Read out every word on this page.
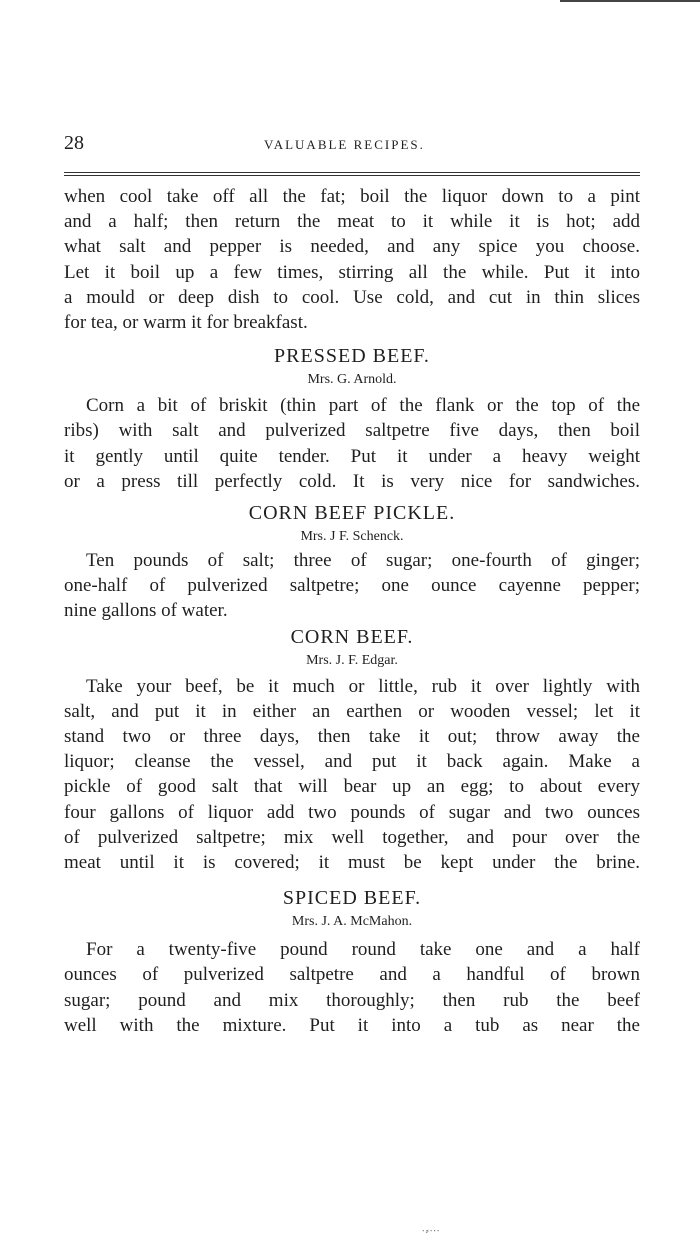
28	VALUABLE RECIPES.

when cool take off all the fat; boil the liquor down to a pint

and a half; then return the meat to it while it is hot; add

what salt and pepper is needed, and any spice you choose.

Let it boil up a few times, stirring all the while. Put it into

a mould or deep dish to cool. Use cold, and cut in thin slices

for tea, or warm it for breakfast.

PRESSED BEEF.

Mrs. G. Arnold.

Corn a bit of briskit (thin part of the flank or the top of the

ribs) with salt and pulverized saltpetre five days, then boil

it gently until quite tender. Put it under a heavy weight

or a press till perfectly cold. It is very nice for sandwiches.

CORN BEEF PICKLE.

Mrs. J F. Schenck.

Ten pounds of salt; three of sugar; one-fourth of ginger;

one-half of pulverized saltpetre; one ounce cayenne pepper;

nine gallons of water.

CORN BEEF.

Mrs. J. F. Edgar.

Take your beef, be it much or little, rub it over lightly with

salt, and put it in either an earthen or wooden vessel; let it

stand two or three days, then take it out; throw away the

liquor; cleanse the vessel, and put it back again. Make a

pickle of good salt that will bear up an egg; to about every

four gallons of liquor add two pounds of sugar and two ounces

of pulverized saltpetre; mix well together, and pour over the

meat until it is covered; it must be kept under the brine.

SPICED BEEF.

Mrs. J. A. McMahon.

For a twenty-five pound round take one and a half

ounces of pulverized saltpetre and a handful of brown

sugar; pound and mix thoroughly; then rub the beef

well with the mixture. Put it into a tub as near the

∙⸗∙∙∙
